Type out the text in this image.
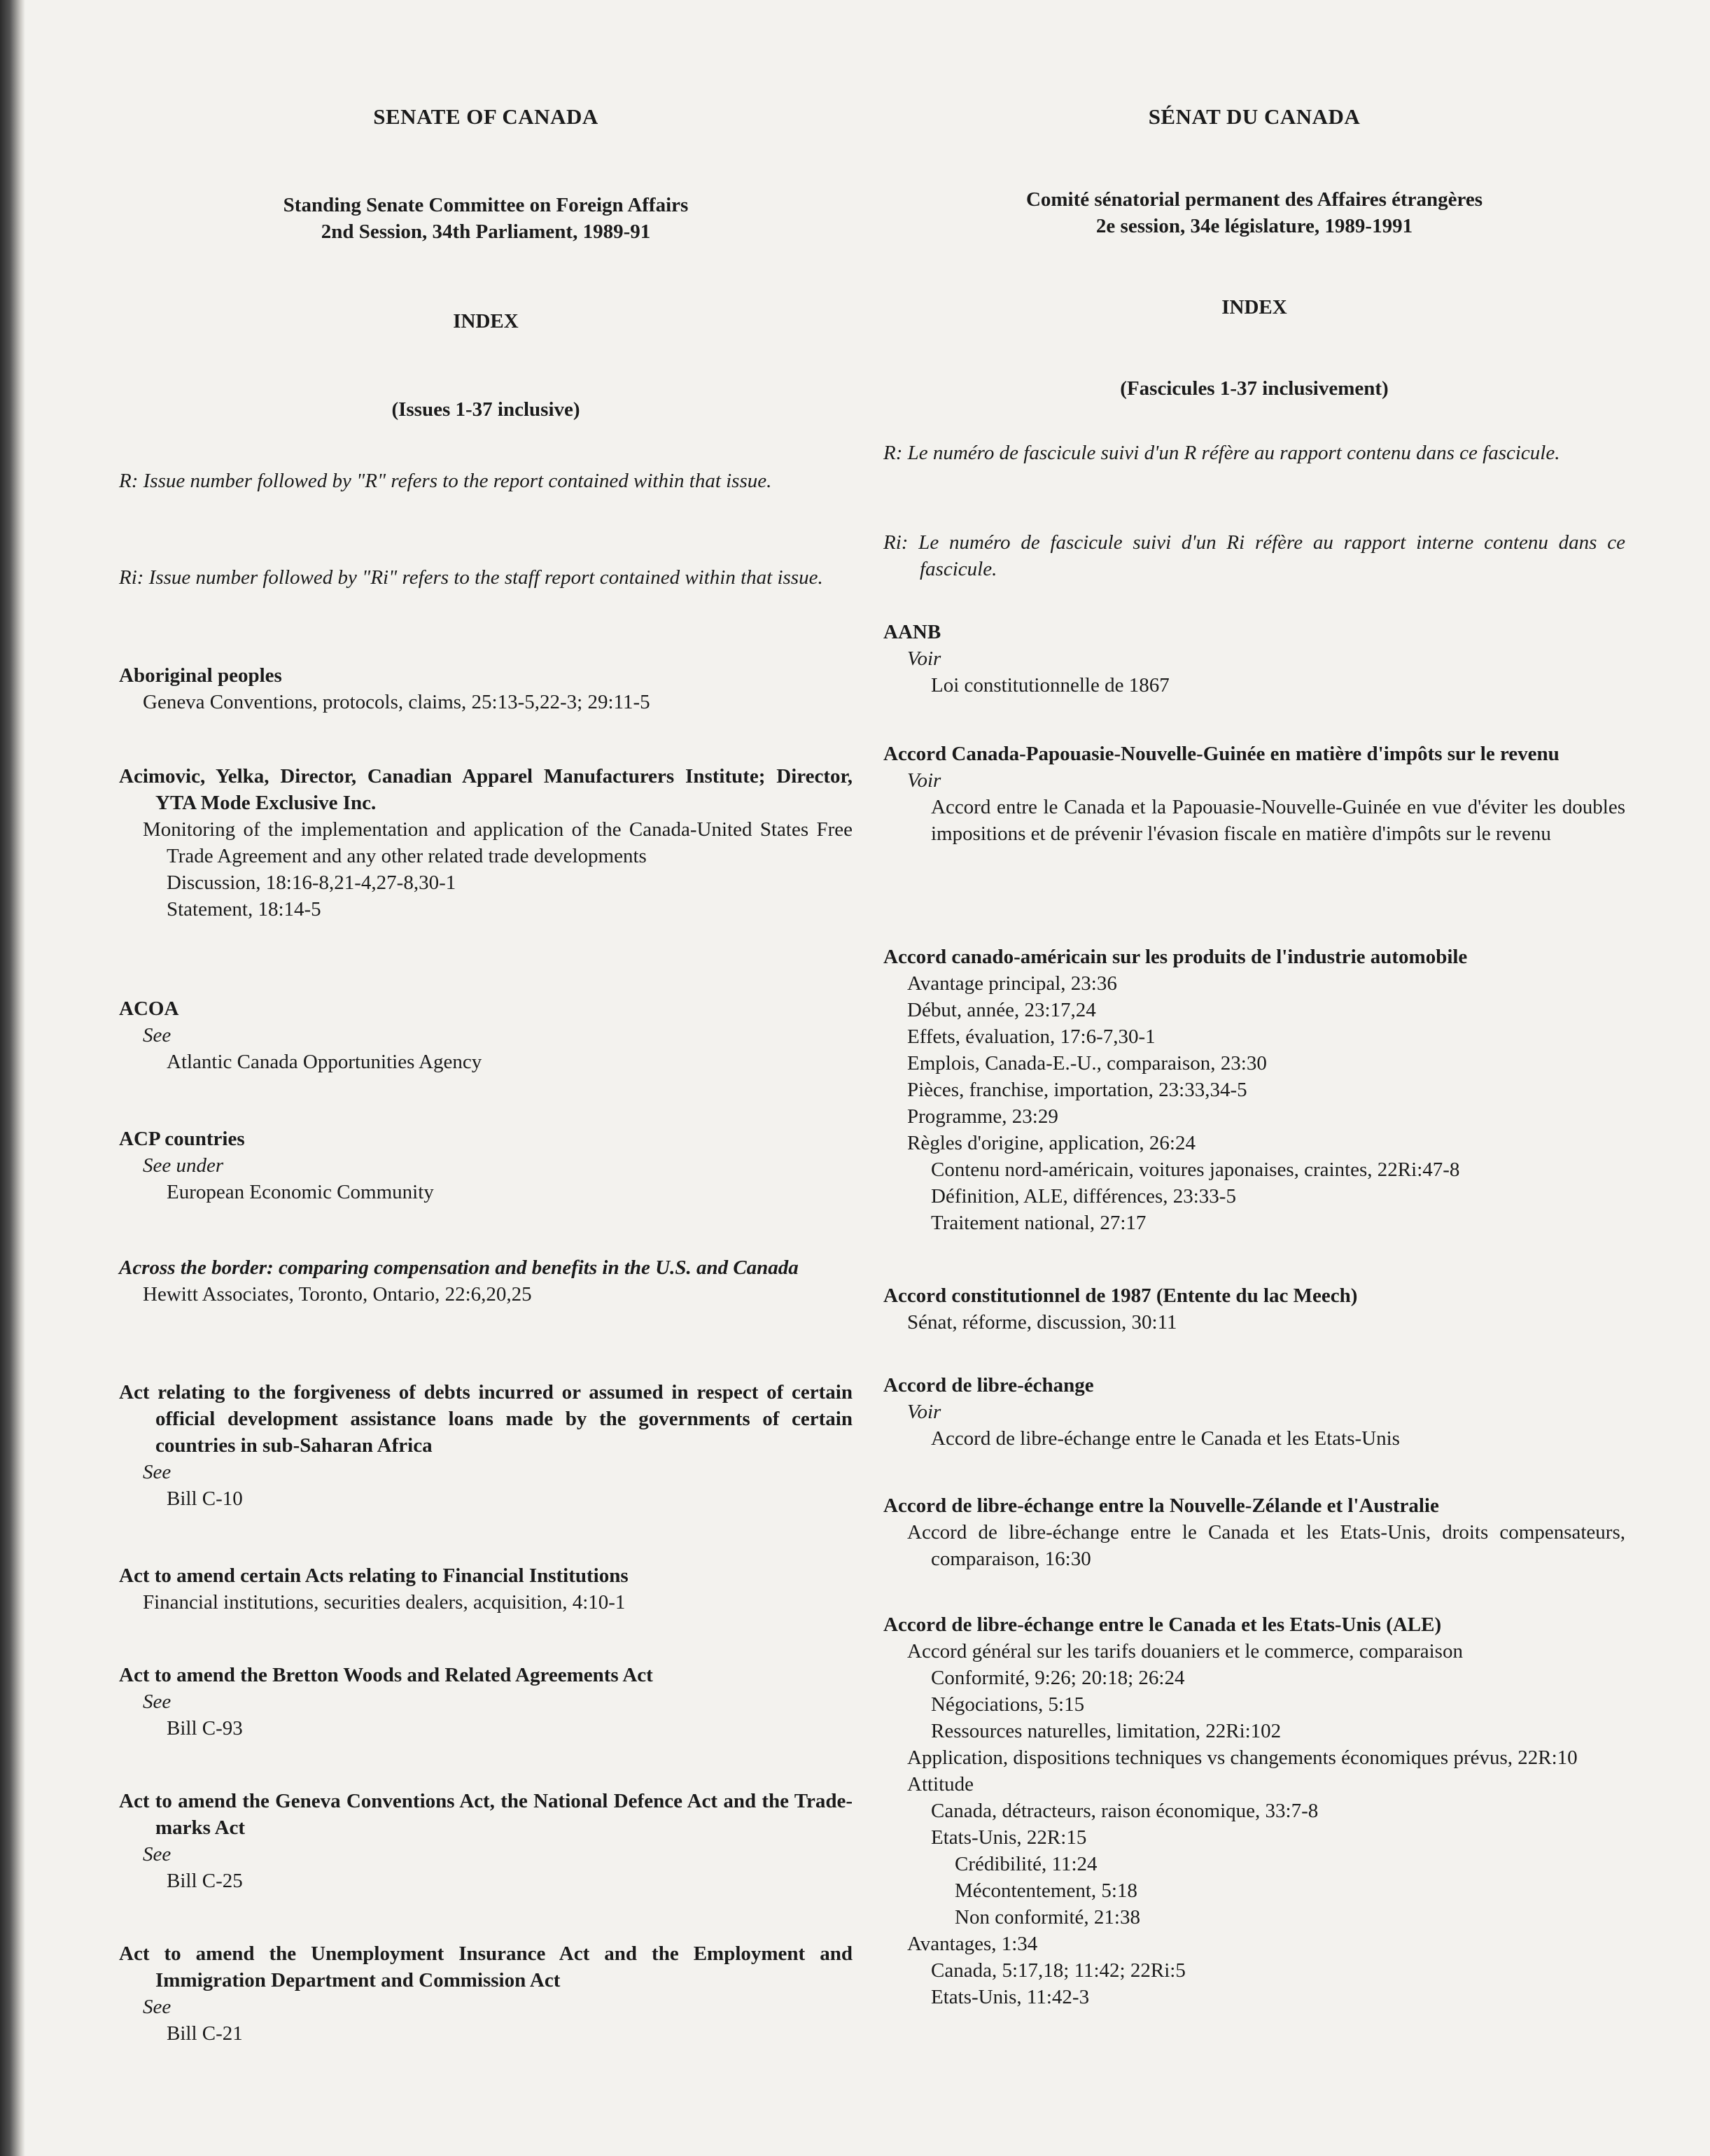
SENATE OF CANADA
Standing Senate Committee on Foreign Affairs
2nd Session, 34th Parliament, 1989-91
INDEX
(Issues 1-37 inclusive)
R: Issue number followed by "R" refers to the report contained within that issue.
Ri: Issue number followed by "Ri" refers to the staff report contained within that issue.
Aboriginal peoples
Geneva Conventions, protocols, claims, 25:13-5,22-3; 29:11-5
Acimovic, Yelka, Director, Canadian Apparel Manufacturers Institute; Director, YTA Mode Exclusive Inc.
Monitoring of the implementation and application of the Canada-United States Free Trade Agreement and any other related trade developments
Discussion, 18:16-8,21-4,27-8,30-1
Statement, 18:14-5
ACOA
See
Atlantic Canada Opportunities Agency
ACP countries
See under
European Economic Community
Across the border: comparing compensation and benefits in the U.S. and Canada
Hewitt Associates, Toronto, Ontario, 22:6,20,25
Act relating to the forgiveness of debts incurred or assumed in respect of certain official development assistance loans made by the governments of certain countries in sub-Saharan Africa
See
Bill C-10
Act to amend certain Acts relating to Financial Institutions
Financial institutions, securities dealers, acquisition, 4:10-1
Act to amend the Bretton Woods and Related Agreements Act
See
Bill C-93
Act to amend the Geneva Conventions Act, the National Defence Act and the Trade-marks Act
See
Bill C-25
Act to amend the Unemployment Insurance Act and the Employment and Immigration Department and Commission Act
See
Bill C-21
SÉNAT DU CANADA
Comité sénatorial permanent des Affaires étrangères
2e session, 34e législature, 1989-1991
INDEX
(Fascicules 1-37 inclusivement)
R: Le numéro de fascicule suivi d'un R réfère au rapport contenu dans ce fascicule.
Ri: Le numéro de fascicule suivi d'un Ri réfère au rapport interne contenu dans ce fascicule.
AANB
Voir
Loi constitutionnelle de 1867
Accord Canada-Papouasie-Nouvelle-Guinée en matière d'impôts sur le revenu
Voir
Accord entre le Canada et la Papouasie-Nouvelle-Guinée en vue d'éviter les doubles impositions et de prévenir l'évasion fiscale en matière d'impôts sur le revenu
Accord canado-américain sur les produits de l'industrie automobile
Avantage principal, 23:36
Début, année, 23:17,24
Effets, évaluation, 17:6-7,30-1
Emplois, Canada-E.-U., comparaison, 23:30
Pièces, franchise, importation, 23:33,34-5
Programme, 23:29
Règles d'origine, application, 26:24
Contenu nord-américain, voitures japonaises, craintes, 22Ri:47-8
Définition, ALE, différences, 23:33-5
Traitement national, 27:17
Accord constitutionnel de 1987 (Entente du lac Meech)
Sénat, réforme, discussion, 30:11
Accord de libre-échange
Voir
Accord de libre-échange entre le Canada et les Etats-Unis
Accord de libre-échange entre la Nouvelle-Zélande et l'Australie
Accord de libre-échange entre le Canada et les Etats-Unis, droits compensateurs, comparaison, 16:30
Accord de libre-échange entre le Canada et les Etats-Unis (ALE)
Accord général sur les tarifs douaniers et le commerce, comparaison
Conformité, 9:26; 20:18; 26:24
Négociations, 5:15
Ressources naturelles, limitation, 22Ri:102
Application, dispositions techniques vs changements économiques prévus, 22R:10
Attitude
Canada, détracteurs, raison économique, 33:7-8
Etats-Unis, 22R:15
Crédibilité, 11:24
Mécontentement, 5:18
Non conformité, 21:38
Avantages, 1:34
Canada, 5:17,18; 11:42; 22Ri:5
Etats-Unis, 11:42-3
